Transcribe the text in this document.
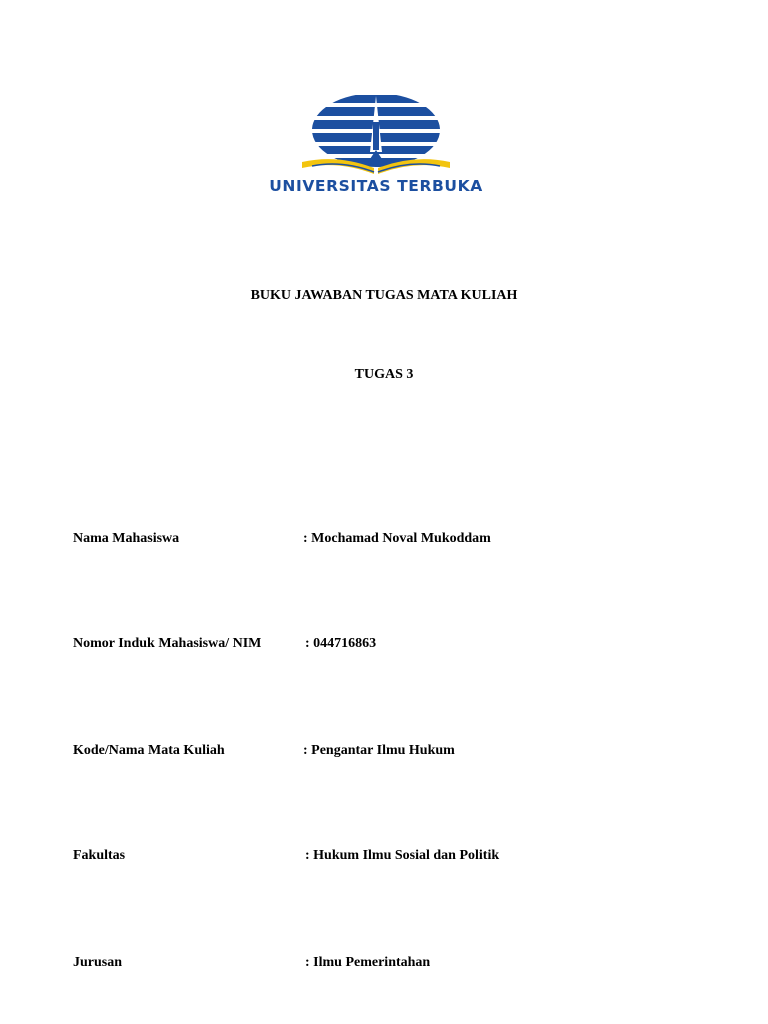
UNIVERSITAS TERBUKA
BUKU JAWABAN TUGAS MATA KULIAH
TUGAS 3
Nama Mahasiswa	: Mochamad Noval Mukoddam
Nomor Induk Mahasiswa/ NIM	: 044716863
Kode/Nama Mata Kuliah	: Pengantar Ilmu Hukum
Fakultas	: Hukum Ilmu Sosial dan Politik
Jurusan	: Ilmu Pemerintahan
